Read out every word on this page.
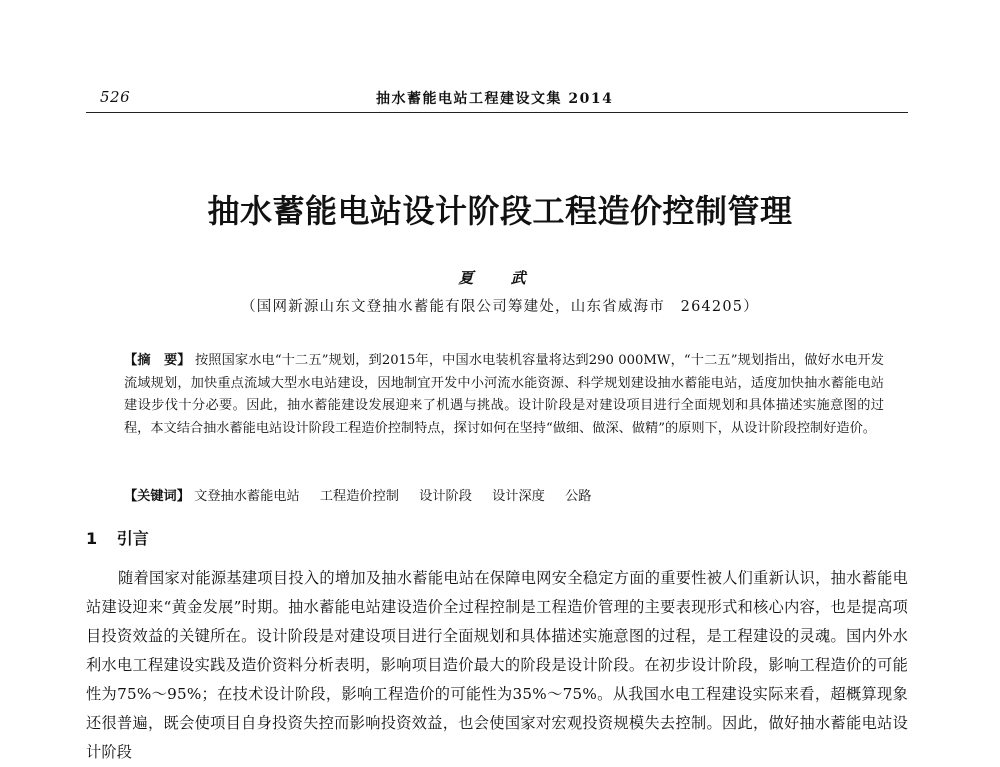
526	抽水蓄能电站工程建设文集 2014
抽水蓄能电站设计阶段工程造价控制管理
夏 武
（国网新源山东文登抽水蓄能有限公司筹建处，山东省威海市　264205）
【摘　要】 按照国家水电“十二五”规划，到2015年，中国水电装机容量将达到290 000MW，“十二五”规划指出，做好水电开发流域规划，加快重点流域大型水电站建设，因地制宜开发中小河流水能资源、科学规划建设抽水蓄能电站，适度加快抽水蓄能电站建设步伐十分必要。因此，抽水蓄能建设发展迎来了机遇与挑战。设计阶段是对建设项目进行全面规划和具体描述实施意图的过程，本文结合抽水蓄能电站设计阶段工程造价控制特点，探讨如何在坚持“做细、做深、做精”的原则下，从设计阶段控制好造价。
【关键词】 文登抽水蓄能电站 工程造价控制 设计阶段 设计深度 公路
1 引言
随着国家对能源基建项目投入的增加及抽水蓄能电站在保障电网安全稳定方面的重要性被人们重新认识，抽水蓄能电站建设迎来“黄金发展”时期。抽水蓄能电站建设造价全过程控制是工程造价管理的主要表现形式和核心内容，也是提高项目投资效益的关键所在。设计阶段是对建设项目进行全面规划和具体描述实施意图的过程，是工程建设的灵魂。国内外水利水电工程建设实践及造价资料分析表明，影响项目造价最大的阶段是设计阶段。在初步设计阶段，影响工程造价的可能性为75%～95%；在技术设计阶段，影响工程造价的可能性为35%～75%。从我国水电工程建设实际来看，超概算现象还很普遍，既会使项目自身投资失控而影响投资效益，也会使国家对宏观投资规模失去控制。因此，做好抽水蓄能电站设计阶段
